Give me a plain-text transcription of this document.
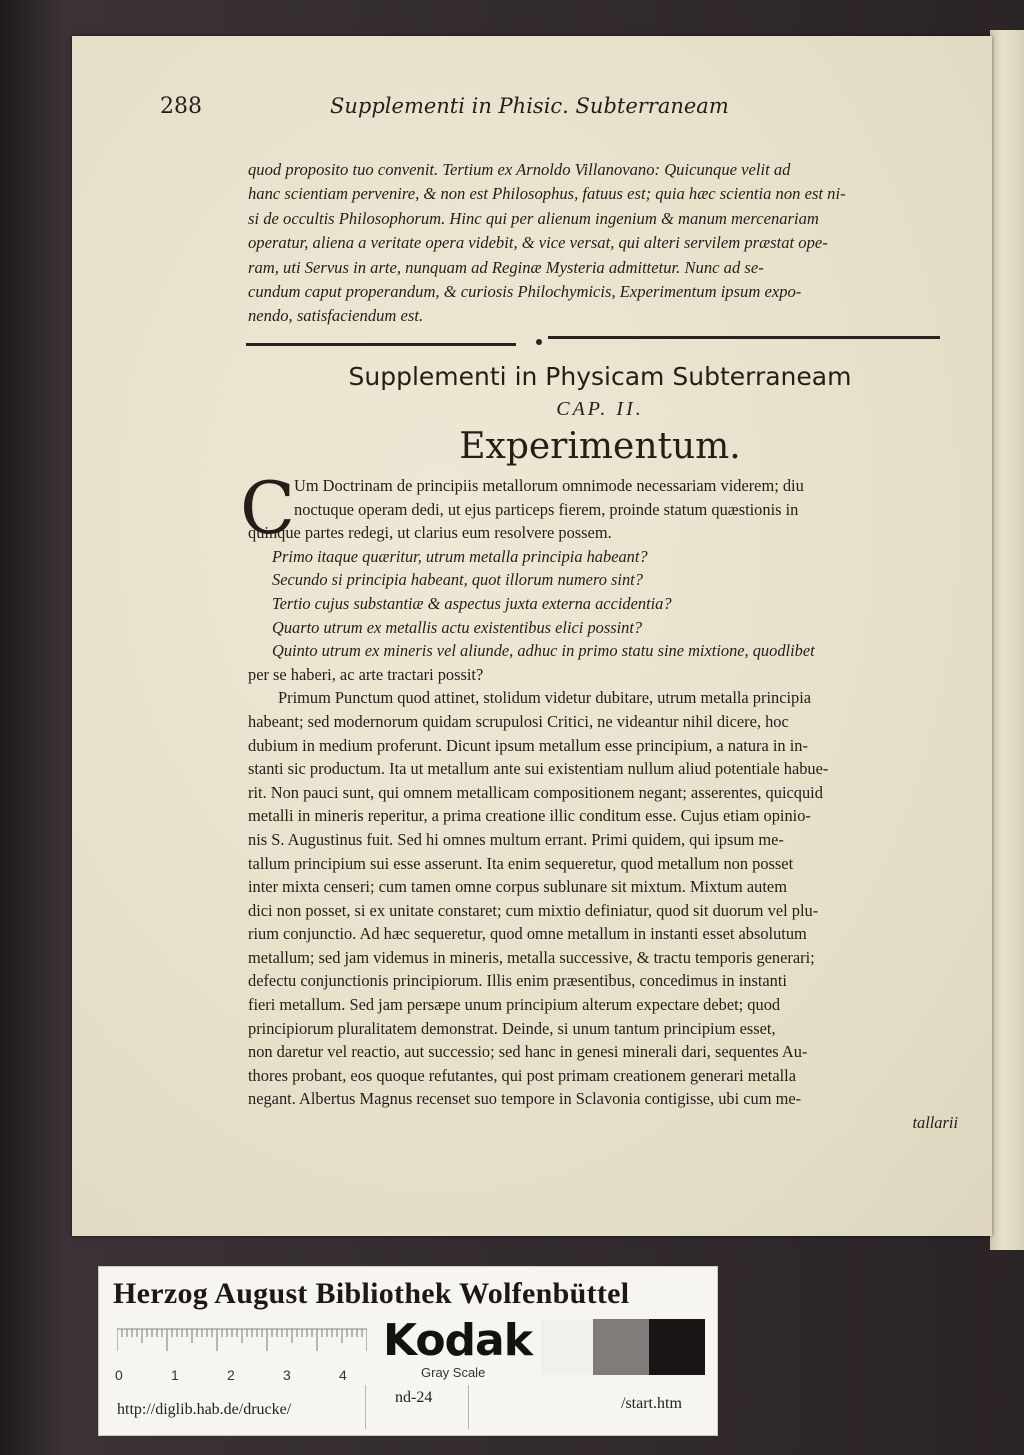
288	Supplementi in Phisic. Subterraneam
quod proposito tuo convenit. Tertium ex Arnoldo Villanovano: Quicunque velit ad
hanc scientiam pervenire, & non est Philosophus, fatuus est; quia hæc scientia non est ni-
si de occultis Philosophorum. Hinc qui per alienum ingenium & manum mercenariam
operatur, aliena a veritate opera videbit, & vice versat, qui alteri servilem præstat ope-
ram, uti Servus in arte, nunquam ad Reginæ Mysteria admittetur. Nunc ad se-
cundum caput properandum, & curiosis Philochymicis, Experimentum ipsum expo-
nendo, satisfaciendum est.
Supplementi in Physicam Subterraneam
CAP. II.
Experimentum.
C
Um Doctrinam de principiis metallorum omnimode necessariam viderem; diu
noctuque operam dedi, ut ejus particeps fierem, proinde statum quæstionis in
quinque partes redegi, ut clarius eum resolvere possem.
Primo itaque quæritur, utrum metalla principia habeant?
Secundo si principia habeant, quot illorum numero sint?
Tertio cujus substantiæ & aspectus juxta externa accidentia?
Quarto utrum ex metallis actu existentibus elici possint?
Quinto utrum ex mineris vel aliunde, adhuc in primo statu sine mixtione, quodlibet
per se haberi, ac arte tractari possit?
Primum Punctum quod attinet, stolidum videtur dubitare, utrum metalla principia
habeant; sed modernorum quidam scrupulosi Critici, ne videantur nihil dicere, hoc
dubium in medium proferunt. Dicunt ipsum metallum esse principium, a natura in in-
stanti sic productum. Ita ut metallum ante sui existentiam nullum aliud potentiale habue-
rit. Non pauci sunt, qui omnem metallicam compositionem negant; asserentes, quicquid
metalli in mineris reperitur, a prima creatione illic conditum esse. Cujus etiam opinio-
nis S. Augustinus fuit. Sed hi omnes multum errant. Primi quidem, qui ipsum me-
tallum principium sui esse asserunt. Ita enim sequeretur, quod metallum non posset
inter mixta censeri; cum tamen omne corpus sublunare sit mixtum. Mixtum autem
dici non posset, si ex unitate constaret; cum mixtio definiatur, quod sit duorum vel plu-
rium conjunctio. Ad hæc sequeretur, quod omne metallum in instanti esset absolutum
metallum; sed jam videmus in mineris, metalla successive, & tractu temporis generari;
defectu conjunctionis principiorum. Illis enim præsentibus, concedimus in instanti
fieri metallum. Sed jam persæpe unum principium alterum expectare debet; quod
principiorum pluralitatem demonstrat. Deinde, si unum tantum principium esset,
non daretur vel reactio, aut successio; sed hanc in genesi minerali dari, sequentes Au-
thores probant, eos quoque refutantes, qui post primam creationem generari metalla
negant. Albertus Magnus recenset suo tempore in Sclavonia contigisse, ubi cum me-
tallarii
Herzog August Bibliothek Wolfenbüttel
0	1	2	3	4
Kodak
Gray Scale
http://diglib.hab.de/drucke/
nd-24	/start.htm
